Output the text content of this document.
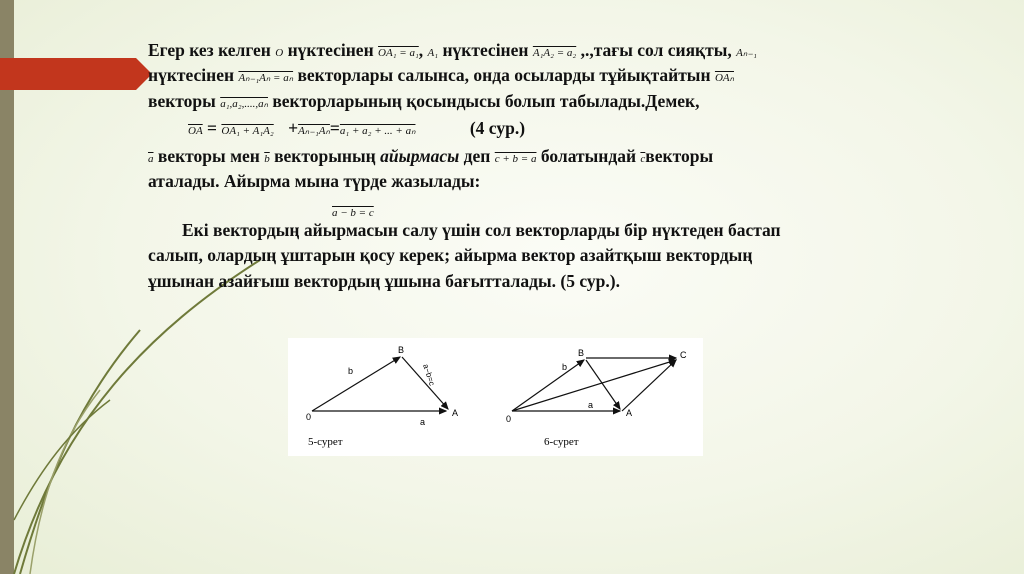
Егер кез келген O нүктесінен OA₁ = a₁, A₁ нүктесінен A₁A₂ = a₂ ,.,тағы сол сияқты, Aₙ₋₁
нүктесінен Aₙ₋₁Aₙ = aₙ векторлары салынса, онда осыларды тұйықтайтын $\overline{OA_n}$
векторы a₁,a₂,....,aₙ векторларының қосындысы болып табылады.Демек,
$\overline{OA} = OA_1 + A_1A_2 +A_{n-1}A_n=a_1 + a_2$ + ... + aₙ	(4 сур.)
$\overline{a}$ векторы мен $\overline{b}$ векторының айырмасы деп c + b = a болатындай $\overline{c}векторы$
аталады. Айырма мына түрде жазылады:
a − b = c
Екі вектордың айырмасын салу үшін сол векторларды бір нүктеден бастап
салып, олардың ұштарын қосу керек; айырма вектор азайтқыш вектордың
ұшынан азайғыш вектордың ұшына бағытталады. (5 сур.).
0	A
B
b
a
a−b=c
5-сурет
0
A
B	C
b
a
6-сурет
